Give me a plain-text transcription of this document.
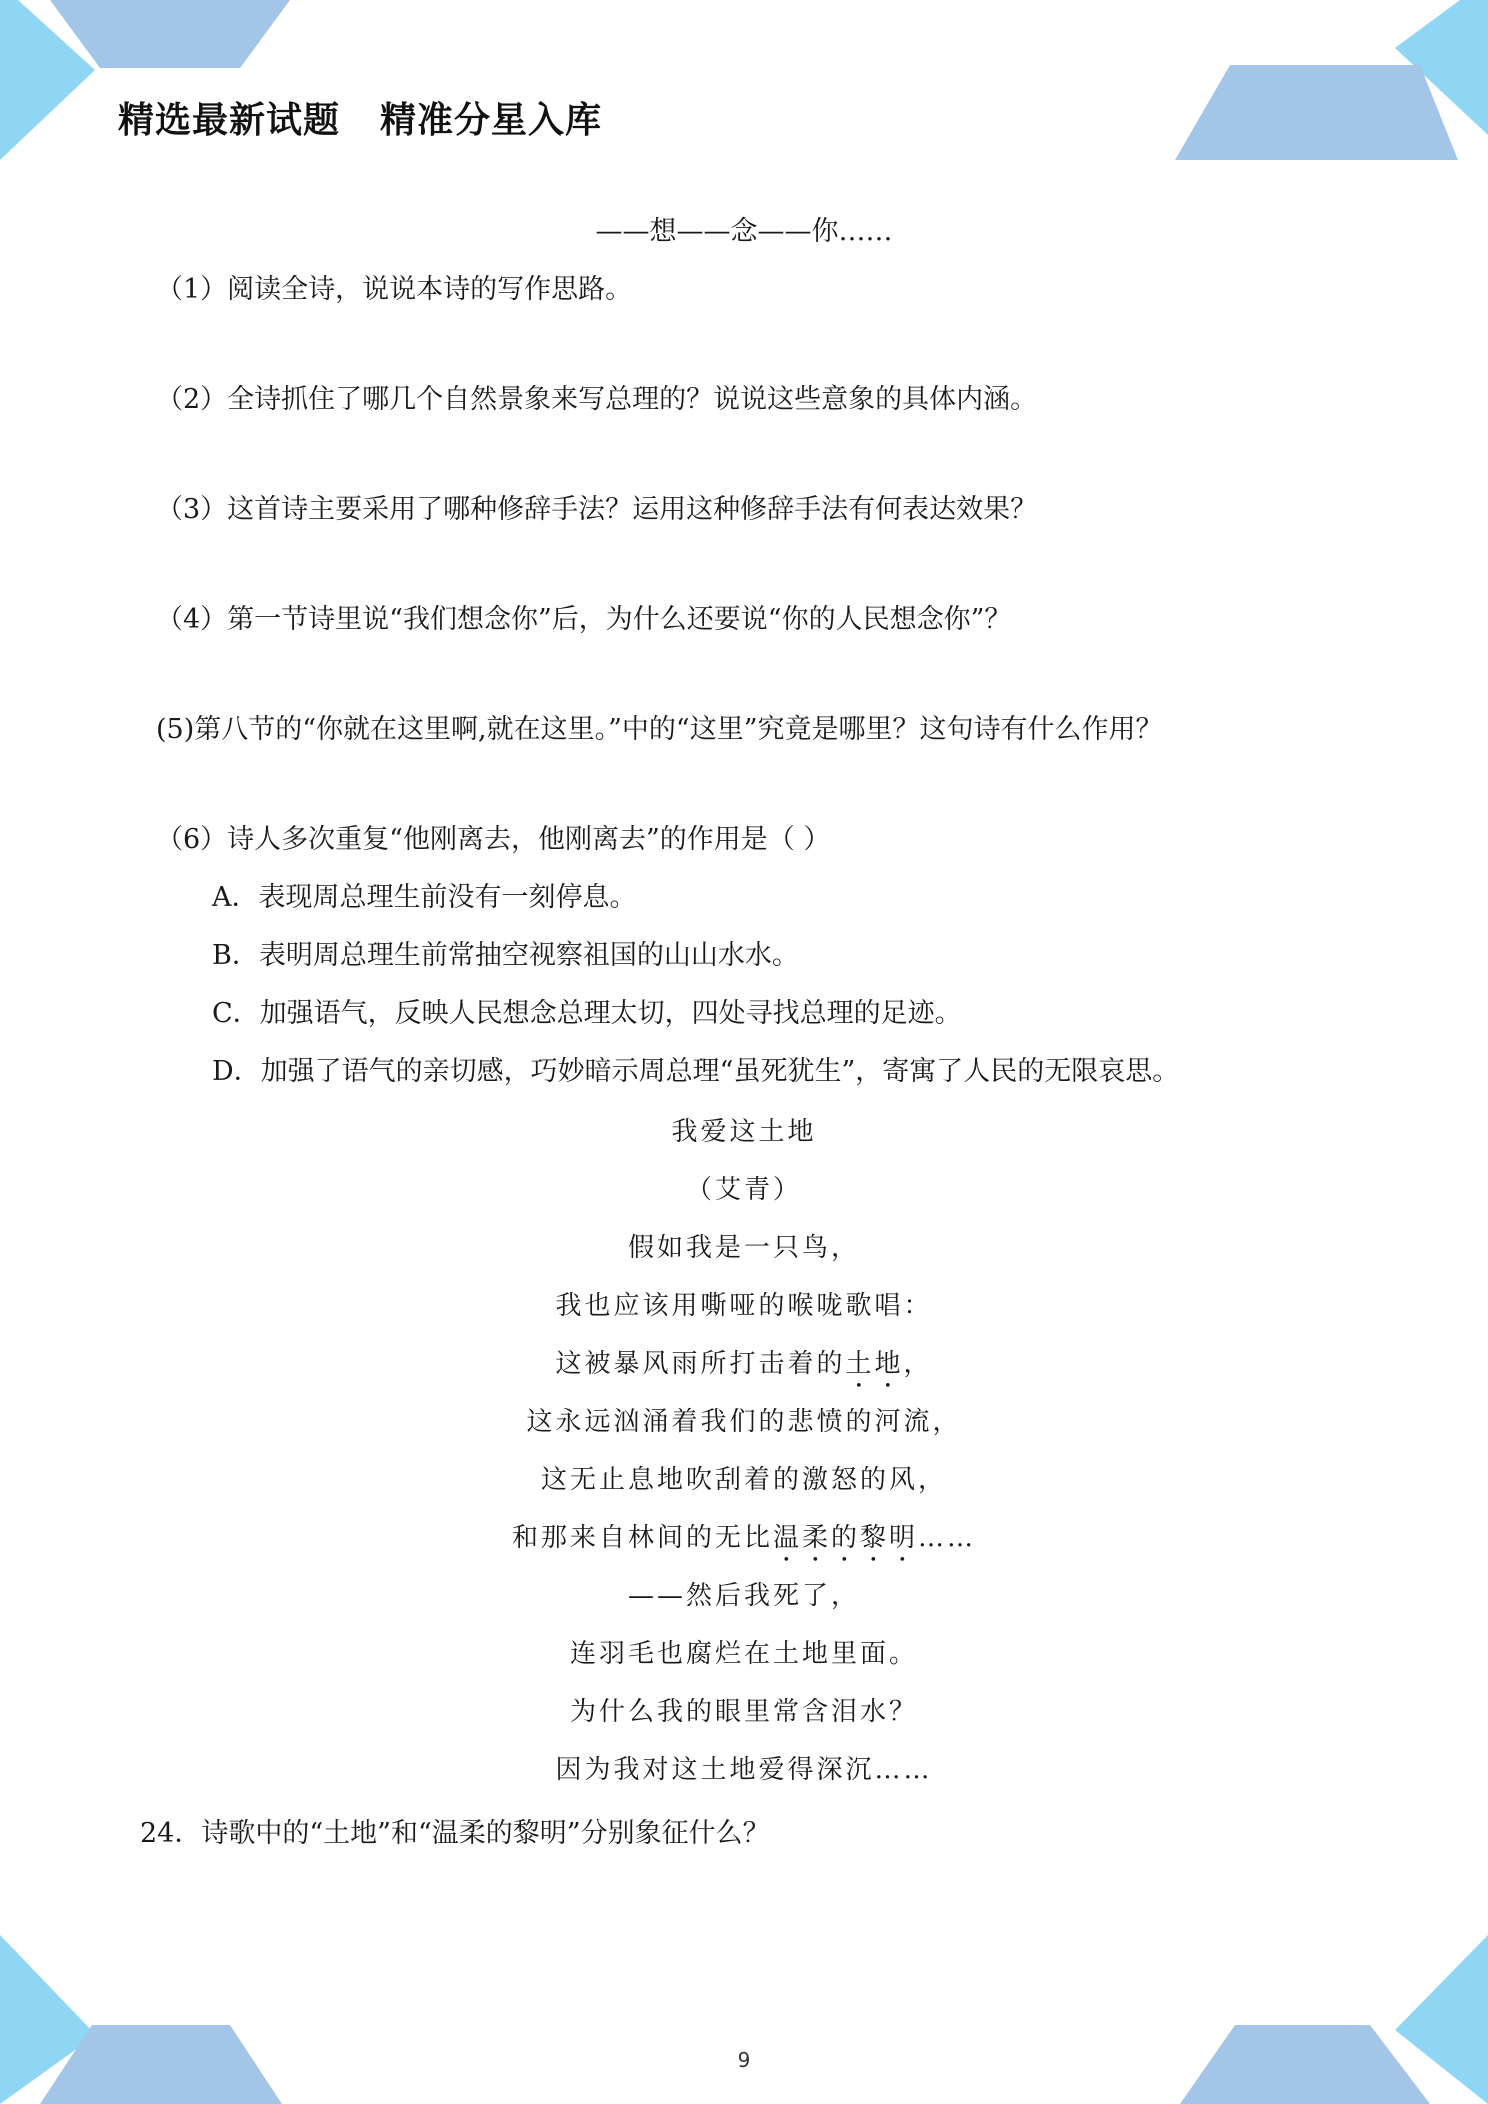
精选最新试题 精准分星入库
——想——念——你……
（1）阅读全诗，说说本诗的写作思路。
（2）全诗抓住了哪几个自然景象来写总理的？说说这些意象的具体内涵。
（3）这首诗主要采用了哪种修辞手法？运用这种修辞手法有何表达效果？
（4）第一节诗里说“我们想念你”后，为什么还要说“你的人民想念你”？
(5)第八节的“你就在这里啊,就在这里。”中的“这里”究竟是哪里？这句诗有什么作用？
（6）诗人多次重复“他刚离去，他刚离去”的作用是（ ）
A．表现周总理生前没有一刻停息。
B．表明周总理生前常抽空视察祖国的山山水水。
C．加强语气，反映人民想念总理太切，四处寻找总理的足迹。
D．加强了语气的亲切感，巧妙暗示周总理“虽死犹生”，寄寓了人民的无限哀思。
我爱这土地
（艾青）
假如我是一只鸟，
我也应该用嘶哑的喉咙歌唱：
这被暴风雨所打击着的土地，
这永远汹涌着我们的悲愤的河流，
这无止息地吹刮着的激怒的风，
和那来自林间的无比温柔的黎明……
——然后我死了，
连羽毛也腐烂在土地里面。
为什么我的眼里常含泪水？
因为我对这土地爱得深沉……
24．诗歌中的“土地”和“温柔的黎明”分别象征什么？
9
